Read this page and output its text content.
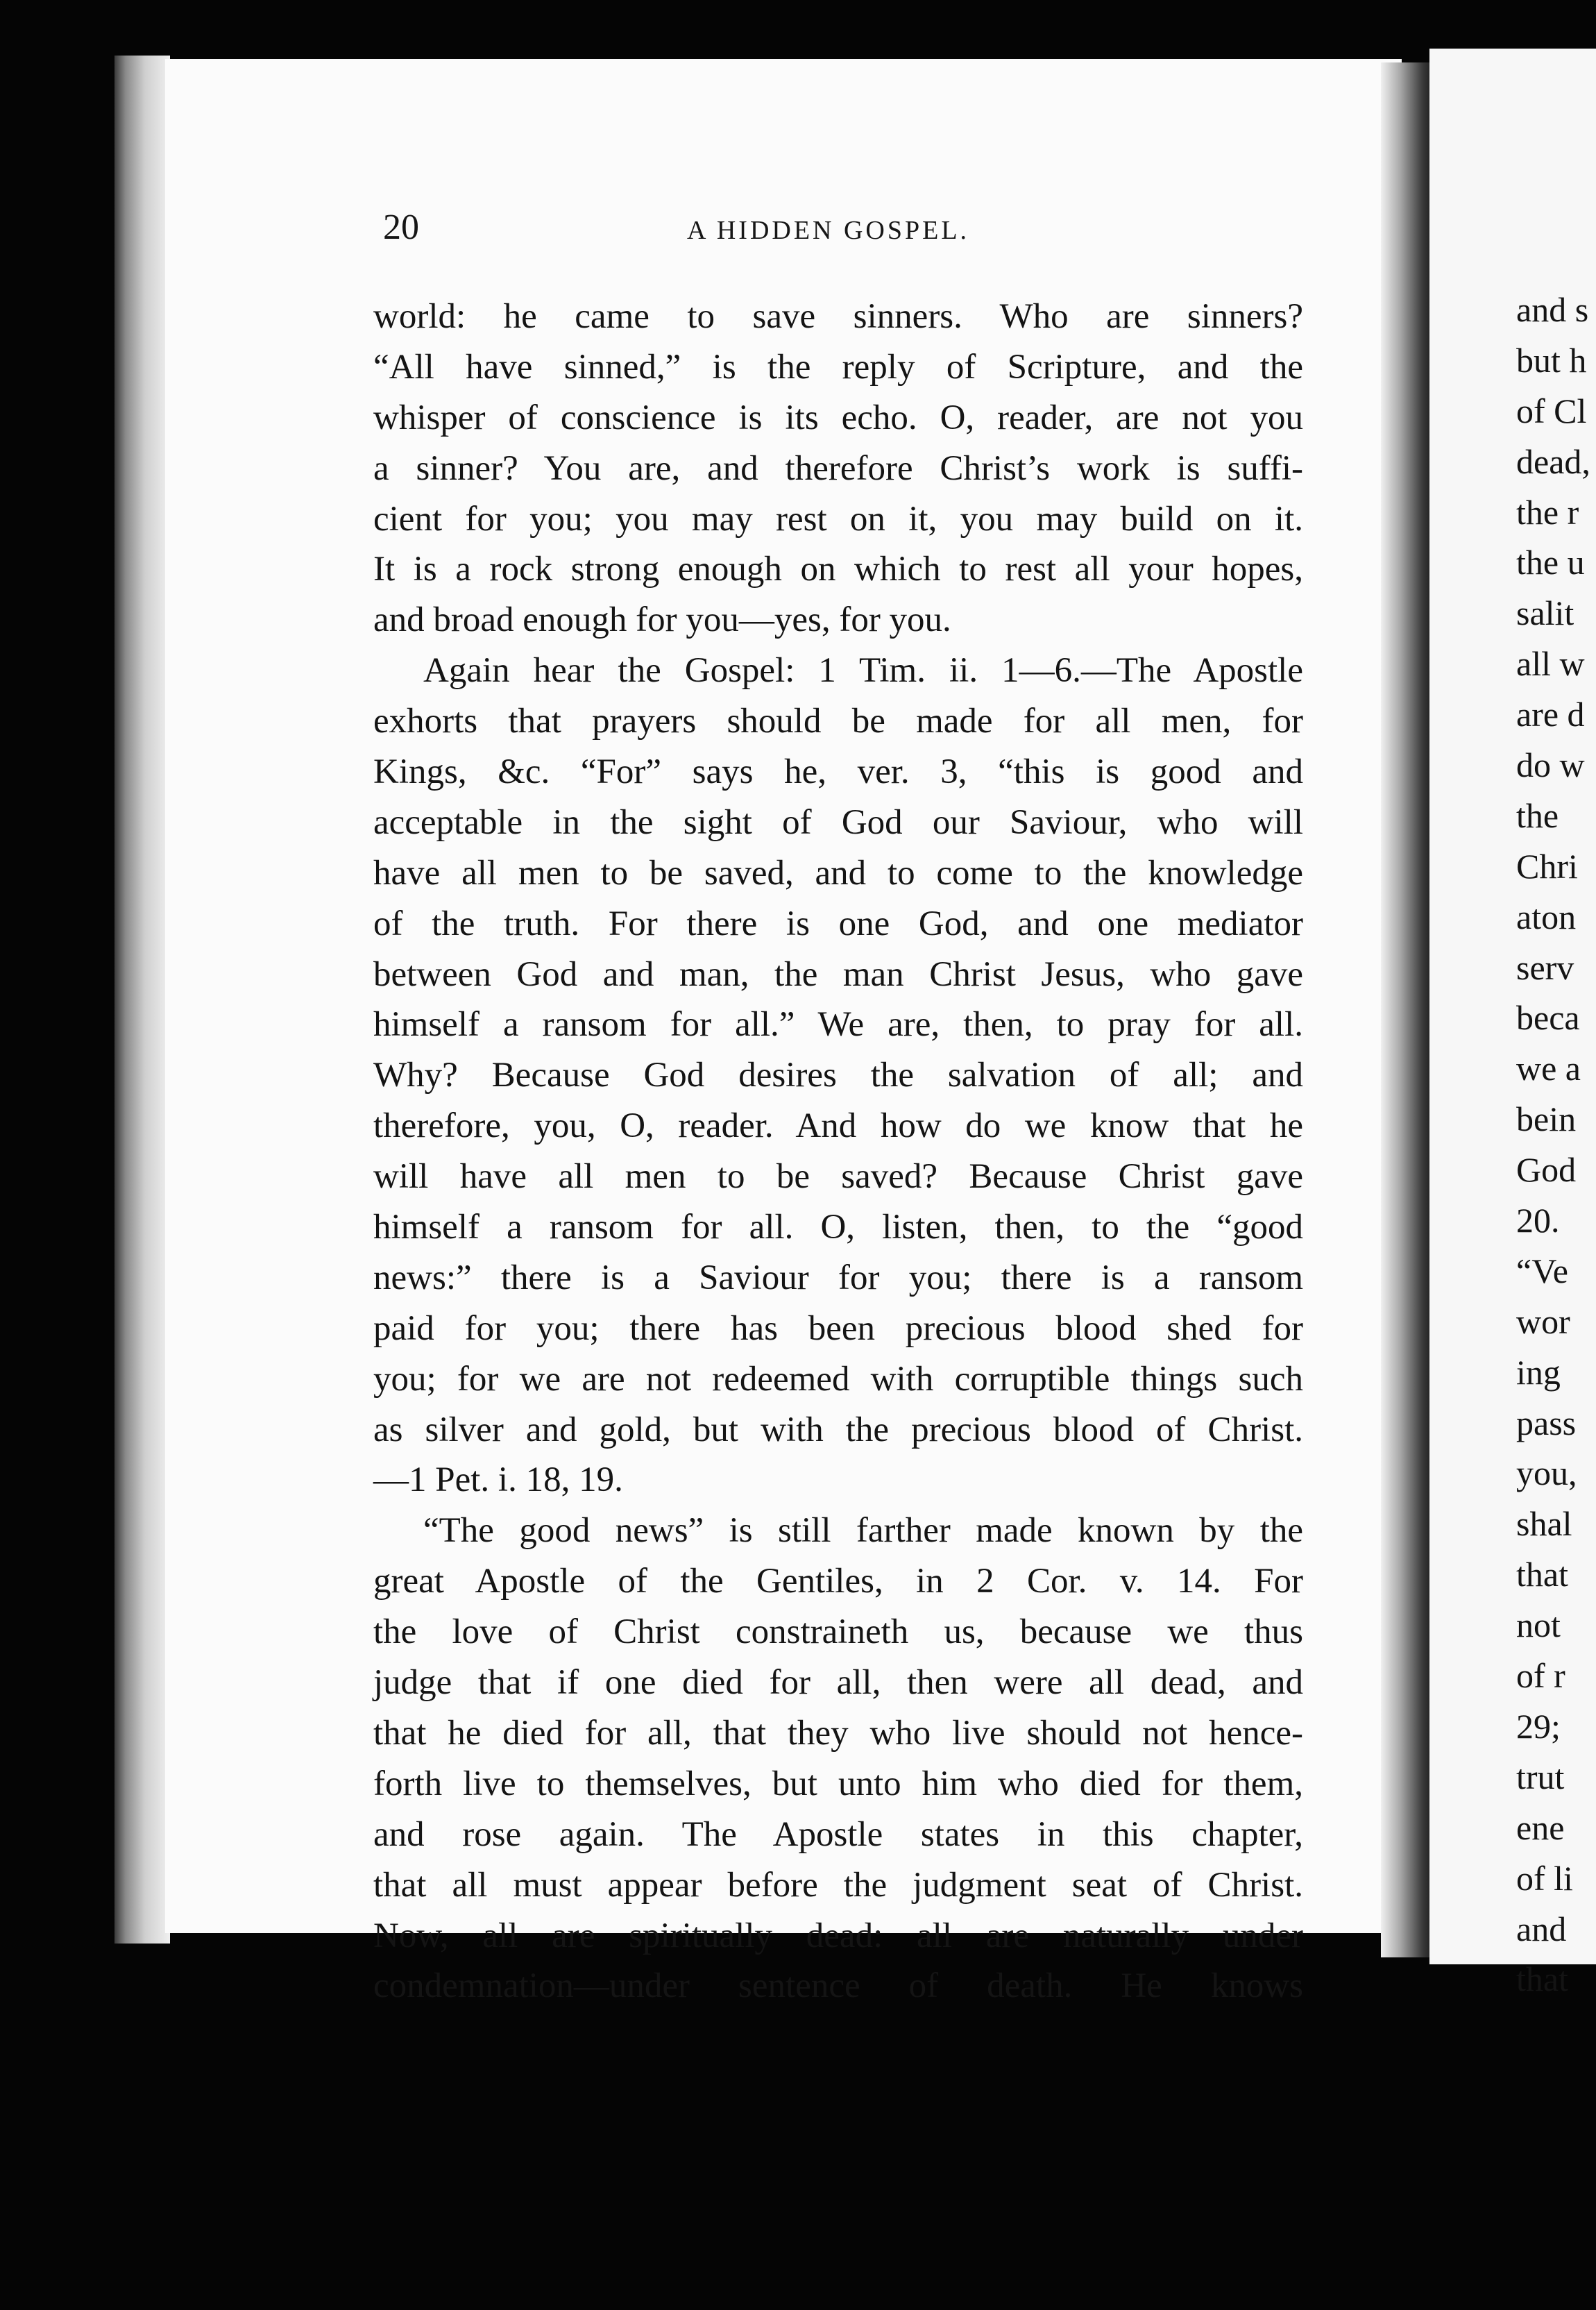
and s
but h
of Cl
dead,
the r
the u
salit
all w
are d
do w
the
Chri
aton
serv
beca
we a
bein
God
20.
“Ve
wor
ing
pass
you,
shal
that
not
of r
29;
trut
ene
of li
and
that
20	A HIDDEN GOSPEL.
world: he came to save sinners. Who are sinners?
“All have sinned,” is the reply of Scripture, and the
whisper of conscience is its echo. O, reader, are not you
a sinner? You are, and therefore Christ’s work is suffi-
cient for you; you may rest on it, you may build on it.
It is a rock strong enough on which to rest all your hopes,
and broad enough for you—yes, for you.
Again hear the Gospel: 1 Tim. ii. 1—6.—The Apostle
exhorts that prayers should be made for all men, for
Kings, &c. “For” says he, ver. 3, “this is good and
acceptable in the sight of God our Saviour, who will
have all men to be saved, and to come to the knowledge
of the truth. For there is one God, and one mediator
between God and man, the man Christ Jesus, who gave
himself a ransom for all.” We are, then, to pray for all.
Why? Because God desires the salvation of all; and
therefore, you, O, reader. And how do we know that he
will have all men to be saved? Because Christ gave
himself a ransom for all. O, listen, then, to the “good
news:” there is a Saviour for you; there is a ransom
paid for you; there has been precious blood shed for
you; for we are not redeemed with corruptible things such
as silver and gold, but with the precious blood of Christ.
—1 Pet. i. 18, 19.
“The good news” is still farther made known by the
great Apostle of the Gentiles, in 2 Cor. v. 14. For
the love of Christ constraineth us, because we thus
judge that if one died for all, then were all dead, and
that he died for all, that they who live should not hence-
forth live to themselves, but unto him who died for them,
and rose again. The Apostle states in this chapter,
that all must appear before the judgment seat of Christ.
Now, all are spiritually dead: all are naturally under
condemnation—under sentence of death. He knows
